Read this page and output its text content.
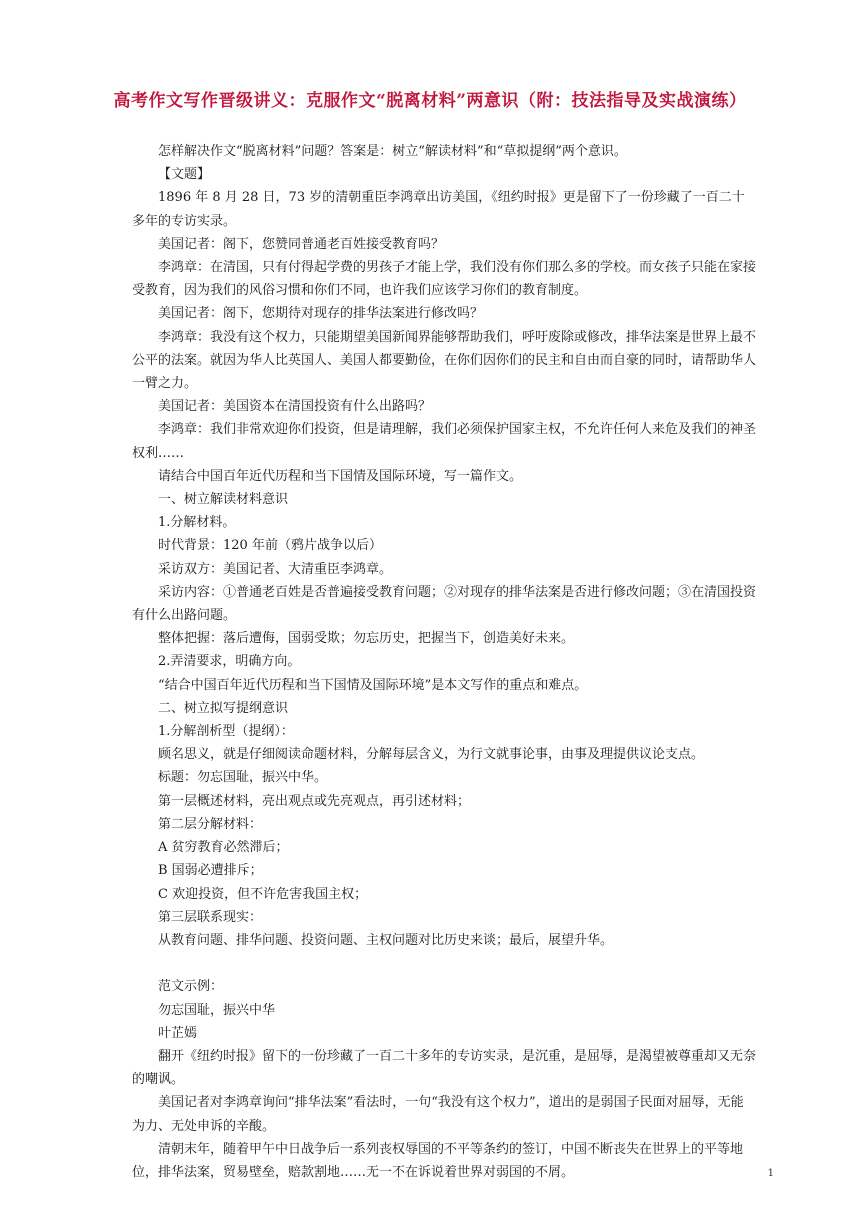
高考作文写作晋级讲义：克服作文“脱离材料”两意识（附：技法指导及实战演练）

怎样解决作文“脱离材料”问题？答案是：树立“解读材料”和“草拟提纲”两个意识。

【文题】

1896 年 8 月 28 日，73 岁的清朝重臣李鸿章出访美国，《纽约时报》更是留下了一份珍藏了一百二十多年的专访实录。

美国记者：阁下，您赞同普通老百姓接受教育吗？

李鸿章：在清国，只有付得起学费的男孩子才能上学，我们没有你们那么多的学校。而女孩子只能在家接受教育，因为我们的风俗习惯和你们不同，也许我们应该学习你们的教育制度。

美国记者：阁下，您期待对现存的排华法案进行修改吗？

李鸿章：我没有这个权力，只能期望美国新闻界能够帮助我们，呼吁废除或修改，排华法案是世界上最不公平的法案。就因为华人比英国人、美国人都要勤俭，在你们因你们的民主和自由而自豪的同时，请帮助华人一臂之力。

美国记者：美国资本在清国投资有什么出路吗？

李鸿章：我们非常欢迎你们投资，但是请理解，我们必须保护国家主权，不允许任何人来危及我们的神圣权利……

请结合中国百年近代历程和当下国情及国际环境，写一篇作文。

一、树立解读材料意识

1.分解材料。

时代背景：120 年前（鸦片战争以后）

采访双方：美国记者、大清重臣李鸿章。

采访内容：①普通老百姓是否普遍接受教育问题；②对现存的排华法案是否进行修改问题；③在清国投资有什么出路问题。

整体把握：落后遭侮，国弱受欺；勿忘历史，把握当下，创造美好未来。

2.弄清要求，明确方向。

“结合中国百年近代历程和当下国情及国际环境”是本文写作的重点和难点。

二、树立拟写提纲意识

1.分解剖析型（提纲）：

顾名思义，就是仔细阅读命题材料，分解每层含义，为行文就事论事，由事及理提供议论支点。

标题：勿忘国耻，振兴中华。

第一层概述材料，亮出观点或先亮观点，再引述材料；

第二层分解材料：

A 贫穷教育必然滞后；

B 国弱必遭排斥；

C 欢迎投资，但不许危害我国主权；

第三层联系现实：

从教育问题、排华问题、投资问题、主权问题对比历史来谈；最后，展望升华。

范文示例：

勿忘国耻，振兴中华

叶芷嫣

翻开《纽约时报》留下的一份珍藏了一百二十多年的专访实录，是沉重，是屈辱，是渴望被尊重却又无奈的嘲讽。

美国记者对李鸿章询问“排华法案”看法时，一句“我没有这个权力”，道出的是弱国子民面对屈辱，无能为力、无处申诉的辛酸。

清朝末年，随着甲午中日战争后一系列丧权辱国的不平等条约的签订，中国不断丧失在世界上的平等地位，排华法案，贸易壁垒，赔款割地……无一不在诉说着世界对弱国的不屑。	1
